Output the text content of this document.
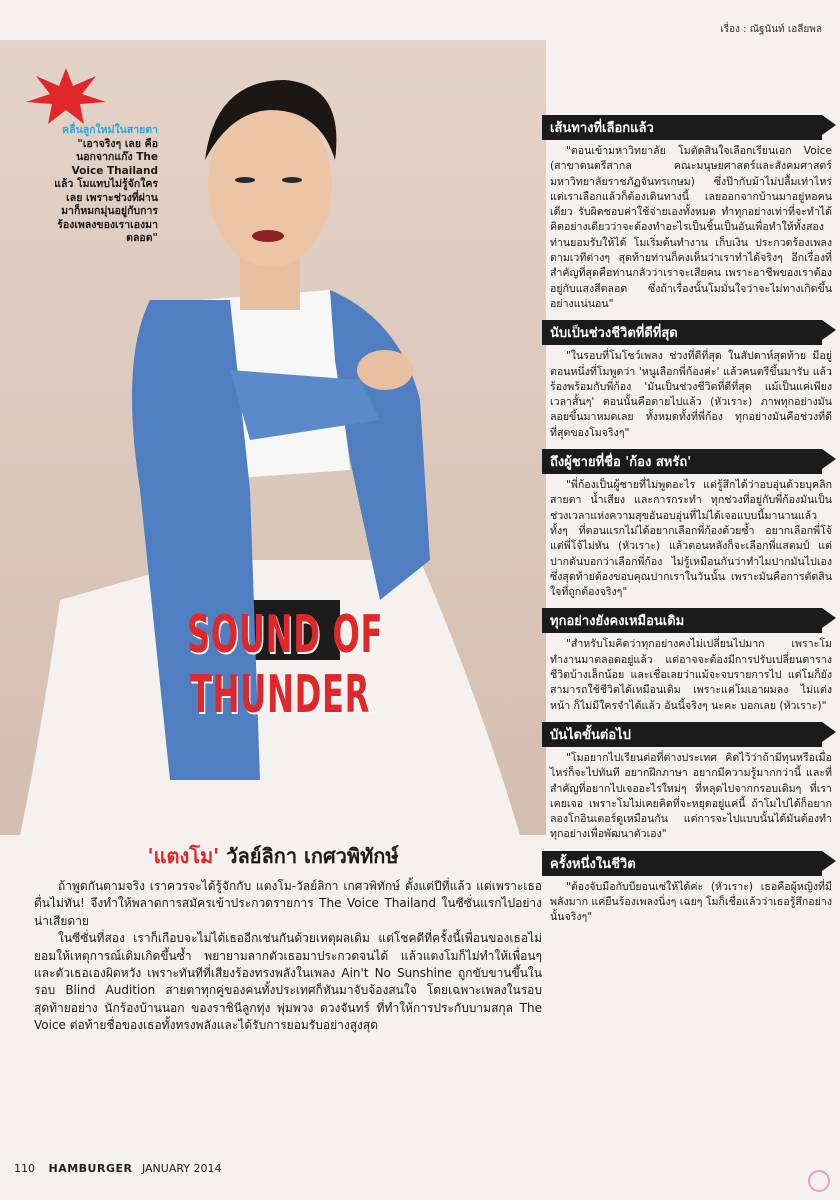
เรื่อง : ณัฐนันท์ เอลียพล
คลื่นลูกใหม่ในสายตา
"เอาจริงๆ เลย คือนอกจากแก๊ง The Voice Thailand แล้ว โมแทบไม่รู้จักใครเลย เพราะช่วงที่ผ่านมาก็หมกมุ่นอยู่กับการร้องเพลงของเราเองมาตลอด"
SOUND OF
THUNDER
'แตงโม' วัลย์ลิกา เกศวพิทักษ์

ถ้าพูดกันตามจริง เราควรจะได้รู้จักกับ แตงโม-วัลย์ลิกา เกศวพิทักษ์ ตั้งแต่ปีที่แล้ว แต่เพราะเธอตื่นไม่ทัน! จึงทำให้พลาดการสมัครเข้าประกวดรายการ The Voice Thailand ในซีซั่นแรกไปอย่างน่าเสียดาย

ในซีซั่นที่สอง เราก็เกือบจะไม่ได้เธออีกเช่นกันด้วยเหตุผลเดิม แต่โชคดีที่ครั้งนี้เพื่อนของเธอไม่ยอมให้เหตุการณ์เดิมเกิดขึ้นซ้ำ พยายามลากตัวเธอมาประกวดจนได้ แล้วแตงโมก็ไม่ทำให้เพื่อนๆ และตัวเธอเองผิดหวัง เพราะทันทีที่เสียงร้องทรงพลังในเพลง Ain't No Sunshine ถูกขับขานขึ้นในรอบ Blind Audition สายตาทุกคู่ของคนทั้งประเทศก็หันมาจับจ้องสนใจ โดยเฉพาะเพลงในรอบสุดท้ายอย่าง นักร้องบ้านนอก ของราชินีลูกทุ่ง พุ่มพวง ดวงจันทร์ ที่ทำให้การประกับบามสกุล The Voice ต่อท้ายชื่อของเธอทั้งทรงพลังและได้รับการยอมรับอย่างสูงสุด

เส้นทางที่เลือกแล้ว
"ตอนเข้ามหาวิทยาลัย โมตัดสินใจเลือกเรียนเอก Voice (สาขาดนตรีสากล คณะมนุษยศาสตร์และสังคมศาสตร์ มหาวิทยาลัยราชภัฏจันทรเกษม) ซึ่งป๊ากับม้าไม่ปลื้มเท่าไหร่ แต่เราเลือกแล้วก็ต้องเดินทางนี้ เลยออกจากบ้านมาอยู่หอคนเดียว รับผิดชอบค่าใช้จ่ายเองทั้งหมด ทำทุกอย่างเท่าที่จะทำได้ คิดอย่างเดียวว่าจะต้องทำอะไรเป็นชิ้นเป็นอันเพื่อทำให้ทั้งสองท่านยอมรับให้ได้ โมเริ่มต้นทำงาน เก็บเงิน ประกวดร้องเพลงตามเวทีต่างๆ สุดท้ายท่านก็คงเห็นว่าเราทำได้จริงๆ อีกเรื่องที่สำคัญที่สุดคือท่านกลัวว่าเราจะเสียคน เพราะอาชีพของเราต้องอยู่กับแสงสีตลอด ซึ่งถ้าเรื่องนั้นโมมั่นใจว่าจะไม่ทางเกิดขึ้นอย่างแน่นอน"
นับเป็นช่วงชีวิตที่ดีที่สุด
"ในรอบที่โมโชว์เพลง ช่วงที่ดีที่สุด ในสัปดาห์สุดท้าย มีอยู่ตอนหนึ่งที่โมพูดว่า 'หนูเลือกพี่ก้องค่ะ' แล้วคนตรีขึ้นมารับ แล้วร้องพร้อมกับพี่ก้อง 'มันเป็นช่วงชีวิตที่ดีที่สุด แม้เป็นแค่เพียงเวลาสั้นๆ' ตอนนั้นคือตายไปแล้ว (หัวเราะ) ภาพทุกอย่างมันลอยขึ้นมาหมดเลย ทั้งหมดทั้งที่พี่ก้อง ทุกอย่างมันคือช่วงที่ดีที่สุดของโมจริงๆ"
ถึงผู้ชายที่ชื่อ 'ก้อง สหรัถ'
"พี่ก้องเป็นผู้ชายที่ไม่พูดอะไร แต่รู้สึกได้ว่าอบอุ่นด้วยบุคลิก สายตา น้ำเสียง และการกระทำ ทุกช่วงที่อยู่กับพี่ก้องมันเป็นช่วงเวลาแห่งความสุขอันอบอุ่นที่ไม่ได้เจอแบบนี้มานานแล้ว ทั้งๆ ที่ตอนแรกไม่ได้อยากเลือกพี่ก้องด้วยซ้ำ อยากเลือกพี่โจ้ แต่พี่โจ้ไม่หัน (หัวเราะ) แล้วตอนหลังก็จะเลือกพี่แสตมป์ แต่ปากดันบอกว่าเลือกพี่ก้อง ไม่รู้เหมือนกันว่าทำไมปากมันไปเอง ซึ่งสุดท้ายต้องขอบคุณปากเราในวันนั้น เพราะมันคือการตัดสินใจที่ถูกต้องจริงๆ"
ทุกอย่างยังคงเหมือนเดิม
"สำหรับโมคิดว่าทุกอย่างคงไม่เปลี่ยนไปมาก เพราะโมทำงานมาตลอดอยู่แล้ว แต่อาจจะต้องมีการปรับเปลี่ยนตารางชีวิตบ้างเล็กน้อย และเชื่อเลยว่าแม้จะจบรายการไป แต่โมก็ยังสามารถใช้ชีวิตได้เหมือนเดิม เพราะแค่โมเอาผมลง ไม่แต่งหน้า ก็ไม่มีใครจำได้แล้ว อันนี้จริงๆ นะคะ บอกเลย (หัวเราะ)"
บันไดขั้นต่อไป
"โมอยากไปเรียนต่อที่ต่างประเทศ คิดไว้ว่าถ้ามีทุนหรือเมื่อไหร่ก็จะไปทันที อยากฝึกภาษา อยากมีความรู้มากกว่านี้ และที่สำคัญที่อยากไปเจออะไรใหม่ๆ ที่หลุดไปจากกรอบเดิมๆ ที่เราเคยเจอ เพราะโมไม่เคยคิดที่จะหยุดอยู่แค่นี้ ถ้าโมไปได้ก็อยากลองโกอินเตอร์ดูเหมือนกัน แต่การจะไปแบบนั้นได้มันต้องทำทุกอย่างเพื่อพัฒนาตัวเอง"
ครั้งหนึ่งในชีวิต
"ต้องจับมือกับบียอนเซ่ให้ได้ค่ะ (หัวเราะ) เธอคือผู้หญิงที่มีพลังมาก แค่ยืนร้องเพลงนิ่งๆ เฉยๆ โมก็เชื่อแล้วว่าเธอรู้สึกอย่างนั้นจริงๆ"
110 HAMBURGER JANUARY 2014
